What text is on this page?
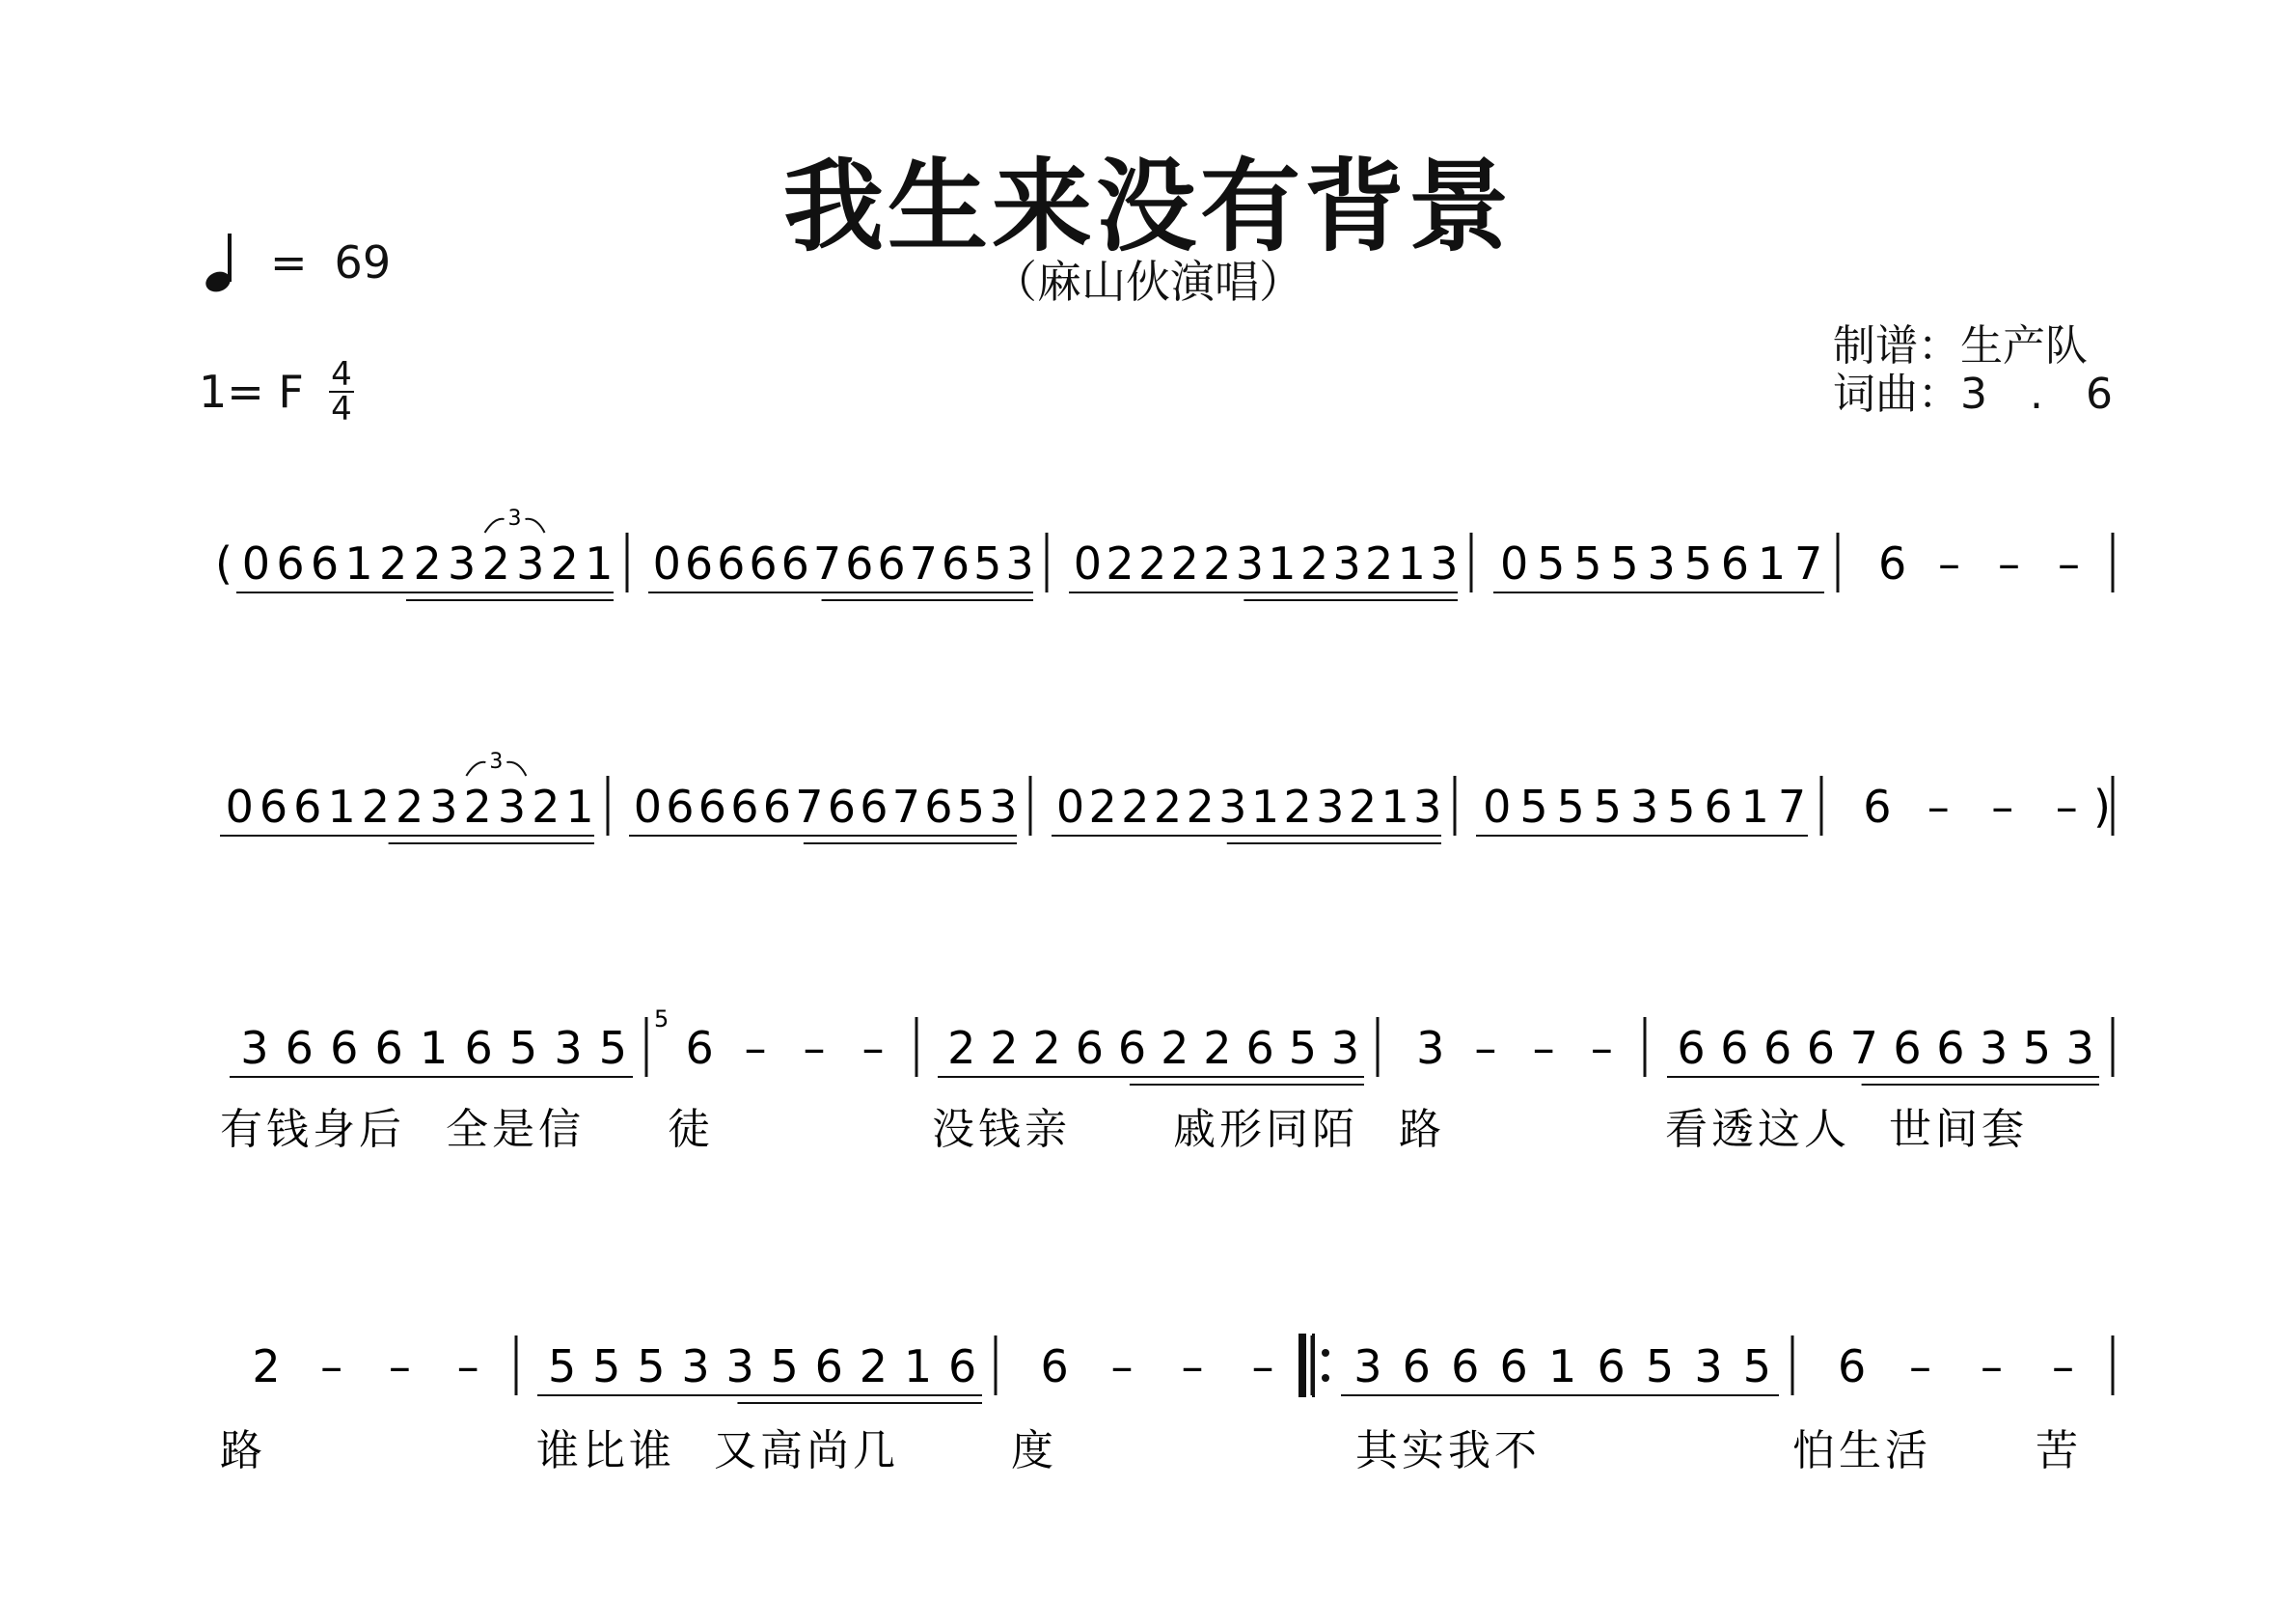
我生来没有背景
（麻山伙演唱）
= 69
1= F 4
4
制谱：生产队
词曲：3　.　6
( 0 6 6 1 2 2 3 2 3 2 1
3
0 6 6 6 6 7 6 6 7 6 5 3 0 2 2 2 2 3 1 2 3 2 1 3 0 5 5 5 3 5 6 1 7 6 – – –
0 6 6 1 2 2 3 2 3 2 1
3
0 6 6 6 6 7 6 6 7 6 5 3 0 2 2 2 2 3 1 2 3 2 1 3 0 5 5 5 3 5 6 1 7 6 – – – )
3 6 6 6 1 6 5 3 5
5
6 – – – 2 2 2 6 6 2 2 6 5 3 3 – – – 6 6 6 6 7 6 6 3 5 3
有钱身后 全是信 徒	没钱亲 戚形同陌 路	看透这人 世间套
2 – – – 5 5 5 3 3 5 6 2 1 6 6 – – – 3 6 6 6 1 6 5 3 5 6 – – –
路	谁比谁 又高尚几	度	其实我不	怕生活 苦
